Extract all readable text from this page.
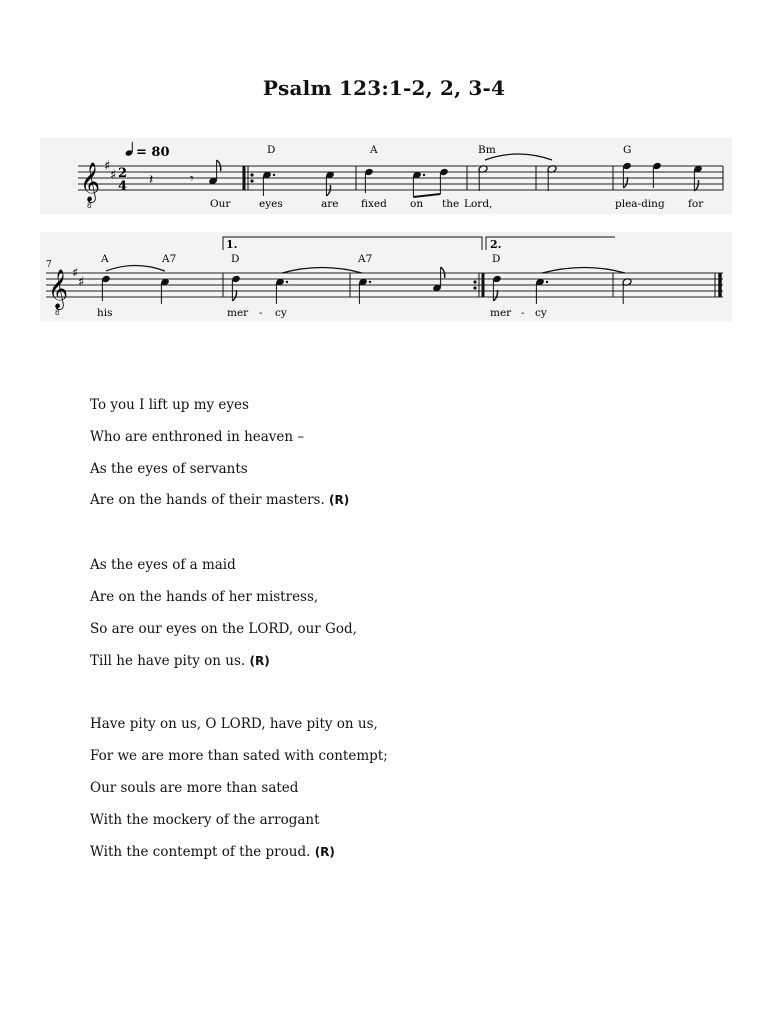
Psalm 123:1-2, 2, 3-4
𝄞
8
♯
♯ 2
4
= 80
𝄽	𝄾
D	A	Bm	G
Our	eyes	are fixed on the Lord,	plea-ding for
7
1.	2.
𝄞
8
♯
♯
A	A7	D	A7	D
his	mer - cy	mer - cy
To you I lift up my eyes
Who are enthroned in heaven –
As the eyes of servants
Are on the hands of their masters. (R)
As the eyes of a maid
Are on the hands of her mistress,
So are our eyes on the LORD, our God,
Till he have pity on us. (R)
Have pity on us, O LORD, have pity on us,
For we are more than sated with contempt;
Our souls are more than sated
With the mockery of the arrogant
With the contempt of the proud. (R)
